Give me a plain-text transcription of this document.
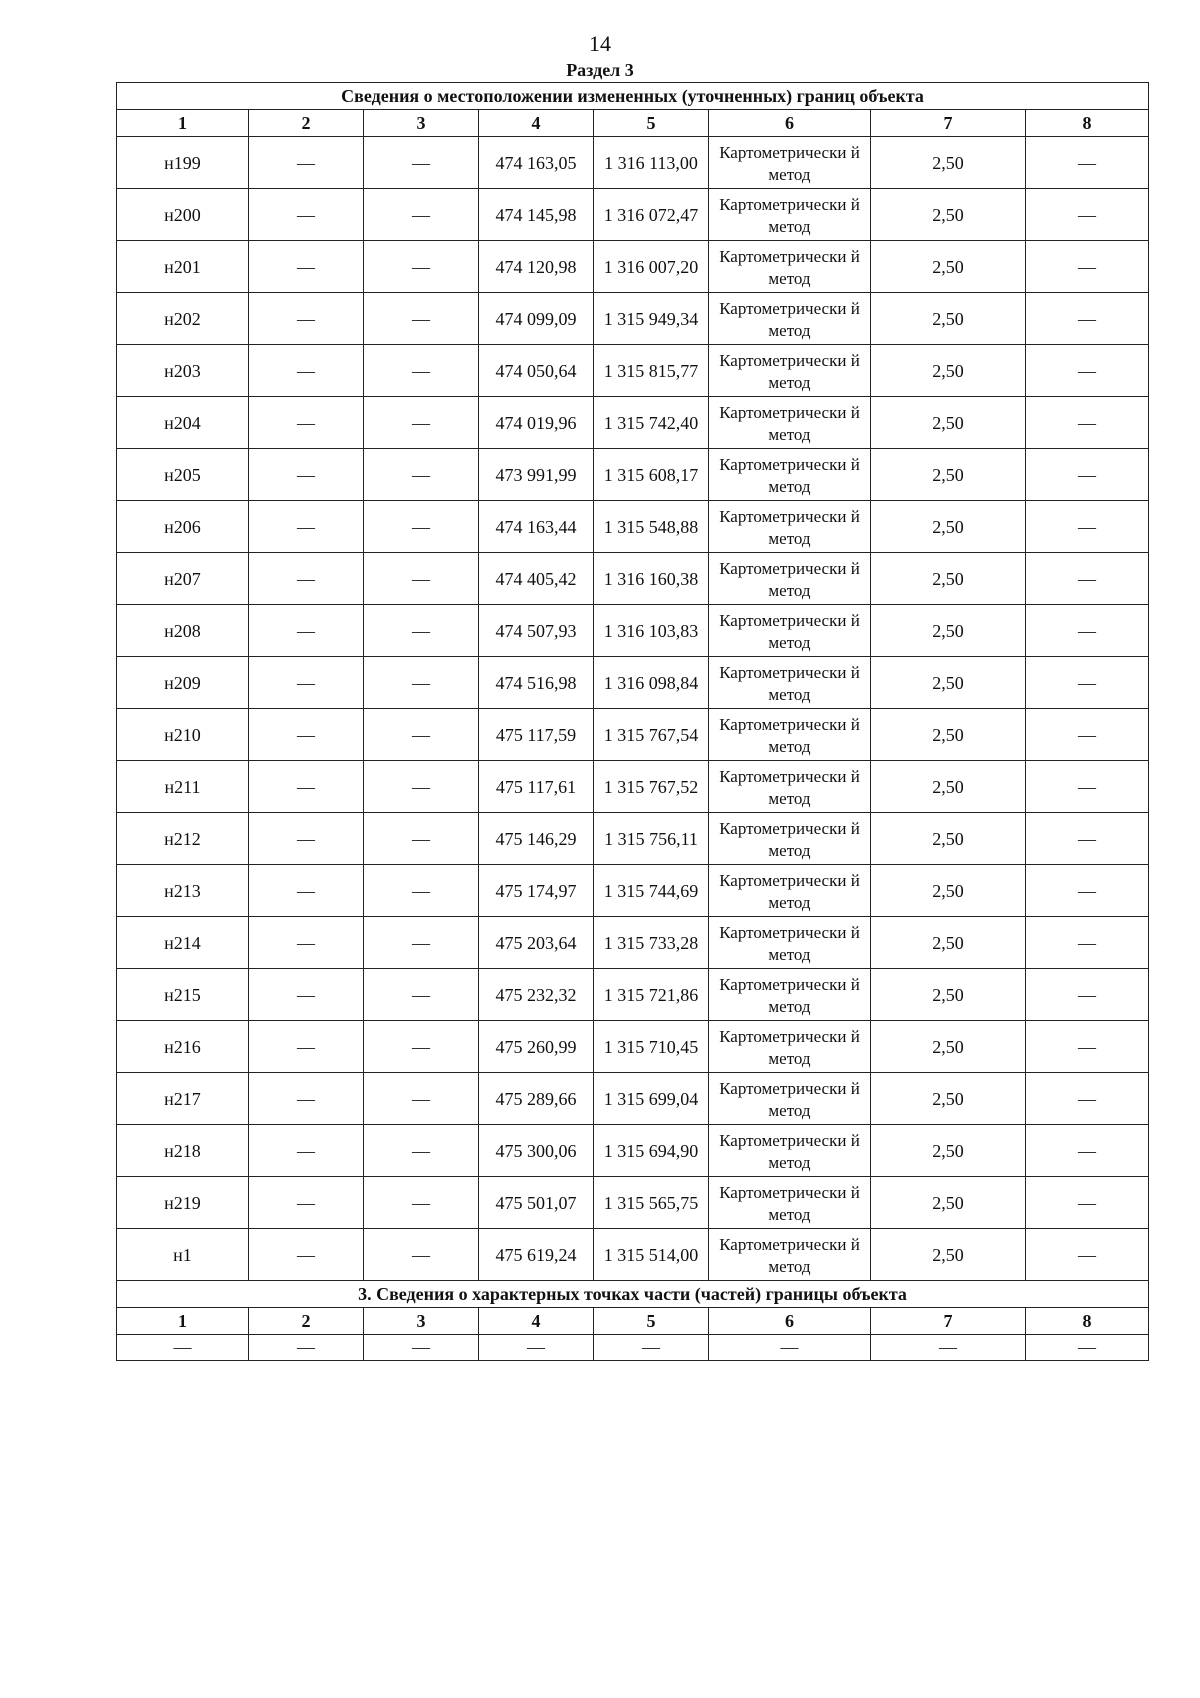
14
Раздел 3
Сведения о местоположении измененных (уточненных) границ объекта							
1	2	3	4	5	6	7	8
н199	—	—	474 163,05	1 316 113,00	Картометрически й метод	2,50	—
н200	—	—	474 145,98	1 316 072,47	Картометрически й метод	2,50	—
н201	—	—	474 120,98	1 316 007,20	Картометрически й метод	2,50	—
н202	—	—	474 099,09	1 315 949,34	Картометрически й метод	2,50	—
н203	—	—	474 050,64	1 315 815,77	Картометрически й метод	2,50	—
н204	—	—	474 019,96	1 315 742,40	Картометрически й метод	2,50	—
н205	—	—	473 991,99	1 315 608,17	Картометрически й метод	2,50	—
н206	—	—	474 163,44	1 315 548,88	Картометрически й метод	2,50	—
н207	—	—	474 405,42	1 316 160,38	Картометрически й метод	2,50	—
н208	—	—	474 507,93	1 316 103,83	Картометрически й метод	2,50	—
н209	—	—	474 516,98	1 316 098,84	Картометрически й метод	2,50	—
н210	—	—	475 117,59	1 315 767,54	Картометрически й метод	2,50	—
н211	—	—	475 117,61	1 315 767,52	Картометрически й метод	2,50	—
н212	—	—	475 146,29	1 315 756,11	Картометрически й метод	2,50	—
н213	—	—	475 174,97	1 315 744,69	Картометрически й метод	2,50	—
н214	—	—	475 203,64	1 315 733,28	Картометрически й метод	2,50	—
н215	—	—	475 232,32	1 315 721,86	Картометрически й метод	2,50	—
н216	—	—	475 260,99	1 315 710,45	Картометрически й метод	2,50	—
н217	—	—	475 289,66	1 315 699,04	Картометрически й метод	2,50	—
н218	—	—	475 300,06	1 315 694,90	Картометрически й метод	2,50	—
н219	—	—	475 501,07	1 315 565,75	Картометрически й метод	2,50	—
н1	—	—	475 619,24	1 315 514,00	Картометрически й метод	2,50	—
3. Сведения о характерных точках части (частей) границы объекта							
1	2	3	4	5	6	7	8
—	—	—	—	—	—	—	—
